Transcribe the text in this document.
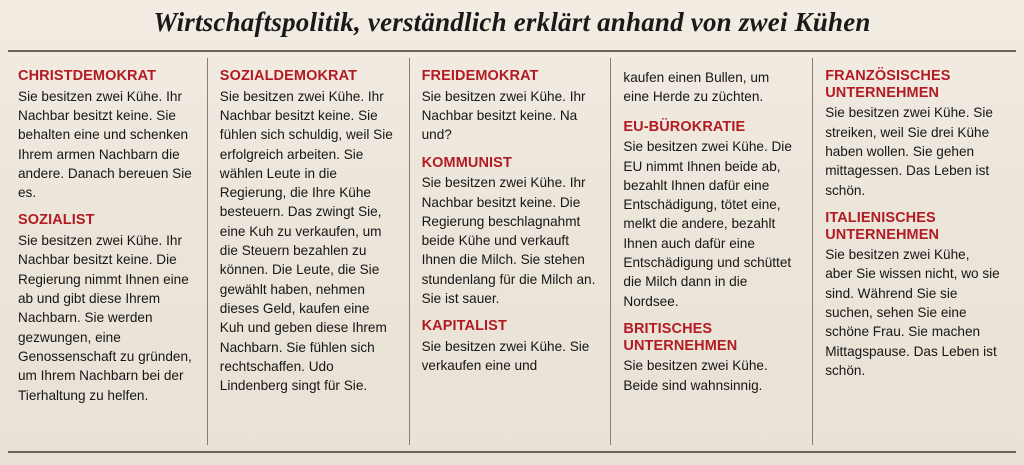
Wirtschaftspolitik, verständlich erklärt anhand von zwei Kühen
CHRISTDEMOKRAT
Sie besitzen zwei Kühe. Ihr Nachbar besitzt keine. Sie behalten eine und schenken Ihrem armen Nachbarn die andere. Danach bereuen Sie es.
SOZIALIST
Sie besitzen zwei Kühe. Ihr Nachbar besitzt keine. Die Regierung nimmt Ihnen eine ab und gibt diese Ihrem Nachbarn. Sie werden gezwungen, eine Genossenschaft zu gründen, um Ihrem Nachbarn bei der Tierhaltung zu helfen.
SOZIALDEMOKRAT
Sie besitzen zwei Kühe. Ihr Nachbar besitzt keine. Sie fühlen sich schuldig, weil Sie erfolgreich arbeiten. Sie wählen Leute in die Regierung, die Ihre Kühe besteuern. Das zwingt Sie, eine Kuh zu verkaufen, um die Steuern bezahlen zu können. Die Leute, die Sie gewählt haben, nehmen dieses Geld, kaufen eine Kuh und geben diese Ihrem Nachbarn. Sie fühlen sich rechtschaffen. Udo Lindenberg singt für Sie.
FREIDEMOKRAT
Sie besitzen zwei Kühe. Ihr Nachbar besitzt keine. Na und?
KOMMUNIST
Sie besitzen zwei Kühe. Ihr Nachbar besitzt keine. Die Regierung beschlagnahmt beide Kühe und verkauft Ihnen die Milch. Sie stehen stundenlang für die Milch an. Sie ist sauer.
KAPITALIST
Sie besitzen zwei Kühe. Sie verkaufen eine und
kaufen einen Bullen, um eine Herde zu züchten.
EU-BÜROKRATIE
Sie besitzen zwei Kühe. Die EU nimmt Ihnen beide ab, bezahlt Ihnen dafür eine Entschädigung, tötet eine, melkt die andere, bezahlt Ihnen auch dafür eine Entschädigung und schüttet die Milch dann in die Nordsee.
BRITISCHES UNTERNEHMEN
Sie besitzen zwei Kühe. Beide sind wahnsinnig.
FRANZÖSISCHES UNTERNEHMEN
Sie besitzen zwei Kühe. Sie streiken, weil Sie drei Kühe haben wollen. Sie gehen mittagessen. Das Leben ist schön.
ITALIENISCHES UNTERNEHMEN
Sie besitzen zwei Kühe, aber Sie wissen nicht, wo sie sind. Während Sie sie suchen, sehen Sie eine schöne Frau. Sie machen Mittagspause. Das Leben ist schön.
